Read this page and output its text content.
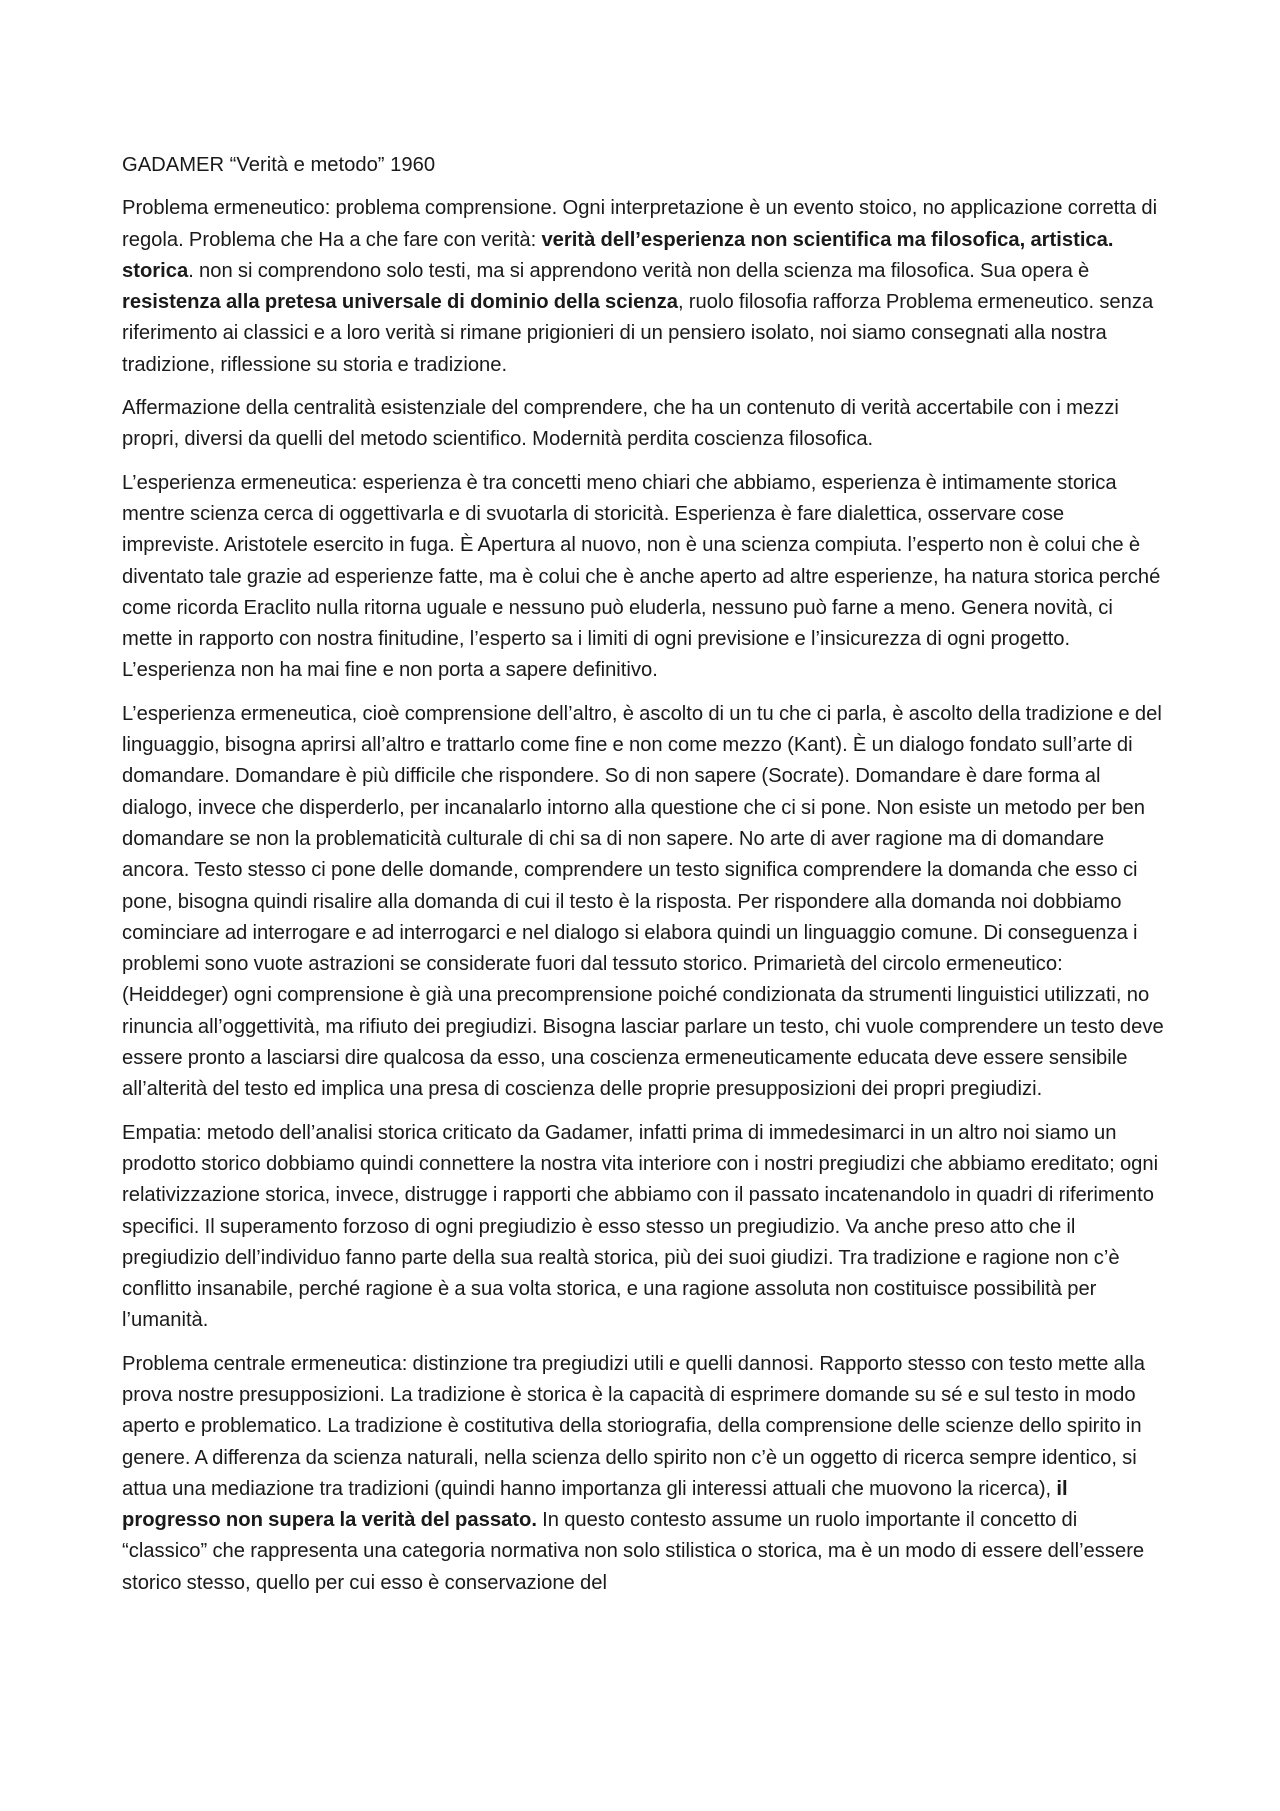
GADAMER “Verità e metodo” 1960

Problema ermeneutico: problema comprensione. Ogni interpretazione è un evento stoico, no applicazione corretta di regola. Problema che Ha a che fare con verità: verità dell’esperienza non scientifica ma filosofica, artistica. storica. non si comprendono solo testi, ma si apprendono verità non della scienza ma filosofica. Sua opera è resistenza alla pretesa universale di dominio della scienza, ruolo filosofia rafforza Problema ermeneutico. senza riferimento ai classici e a loro verità si rimane prigionieri di un pensiero isolato, noi siamo consegnati alla nostra tradizione, riflessione su storia e tradizione.

Affermazione della centralità esistenziale del comprendere, che ha un contenuto di verità accertabile con i mezzi propri, diversi da quelli del metodo scientifico. Modernità perdita coscienza filosofica.

L’esperienza ermeneutica: esperienza è tra concetti meno chiari che abbiamo, esperienza è intimamente storica mentre scienza cerca di oggettivarla e di svuotarla di storicità. Esperienza è fare dialettica, osservare cose impreviste. Aristotele esercito in fuga. È Apertura al nuovo, non è una scienza compiuta. l’esperto non è colui che è diventato tale grazie ad esperienze fatte, ma è colui che è anche aperto ad altre esperienze, ha natura storica perché come ricorda Eraclito nulla ritorna uguale e nessuno può eluderla, nessuno può farne a meno. Genera novità, ci mette in rapporto con nostra finitudine, l’esperto sa i limiti di ogni previsione e l’insicurezza di ogni progetto. L’esperienza non ha mai fine e non porta a sapere definitivo.

L’esperienza ermeneutica, cioè comprensione dell’altro, è ascolto di un tu che ci parla, è ascolto della tradizione e del linguaggio, bisogna aprirsi all’altro e trattarlo come fine e non come mezzo (Kant). È un dialogo fondato sull’arte di domandare. Domandare è più difficile che rispondere. So di non sapere (Socrate). Domandare è dare forma al dialogo, invece che disperderlo, per incanalarlo intorno alla questione che ci si pone. Non esiste un metodo per ben domandare se non la problematicità culturale di chi sa di non sapere. No arte di aver ragione ma di domandare ancora. Testo stesso ci pone delle domande, comprendere un testo significa comprendere la domanda che esso ci pone, bisogna quindi risalire alla domanda di cui il testo è la risposta. Per rispondere alla domanda noi dobbiamo cominciare ad interrogare e ad interrogarci e nel dialogo si elabora quindi un linguaggio comune. Di conseguenza i problemi sono vuote astrazioni se considerate fuori dal tessuto storico. Primarietà del circolo ermeneutico: (Heiddeger) ogni comprensione è già una precomprensione poiché condizionata da strumenti linguistici utilizzati, no rinuncia all’oggettività, ma rifiuto dei pregiudizi. Bisogna lasciar parlare un testo, chi vuole comprendere un testo deve essere pronto a lasciarsi dire qualcosa da esso, una coscienza ermeneuticamente educata deve essere sensibile all’alterità del testo ed implica una presa di coscienza delle proprie presupposizioni dei propri pregiudizi.

Empatia: metodo dell’analisi storica criticato da Gadamer, infatti prima di immedesimarci in un altro noi siamo un prodotto storico dobbiamo quindi connettere la nostra vita interiore con i nostri pregiudizi che abbiamo ereditato; ogni relativizzazione storica, invece, distrugge i rapporti che abbiamo con il passato incatenandolo in quadri di riferimento specifici. Il superamento forzoso di ogni pregiudizio è esso stesso un pregiudizio. Va anche preso atto che il pregiudizio dell’individuo fanno parte della sua realtà storica, più dei suoi giudizi. Tra tradizione e ragione non c’è conflitto insanabile, perché ragione è a sua volta storica, e una ragione assoluta non costituisce possibilità per l’umanità.

Problema centrale ermeneutica: distinzione tra pregiudizi utili e quelli dannosi. Rapporto stesso con testo mette alla prova nostre presupposizioni. La tradizione è storica è la capacità di esprimere domande su sé e sul testo in modo aperto e problematico. La tradizione è costitutiva della storiografia, della comprensione delle scienze dello spirito in genere. A differenza da scienza naturali, nella scienza dello spirito non c’è un oggetto di ricerca sempre identico, si attua una mediazione tra tradizioni (quindi hanno importanza gli interessi attuali che muovono la ricerca), il progresso non supera la verità del passato. In questo contesto assume un ruolo importante il concetto di “classico” che rappresenta una categoria normativa non solo stilistica o storica, ma è un modo di essere dell’essere storico stesso, quello per cui esso è conservazione del
